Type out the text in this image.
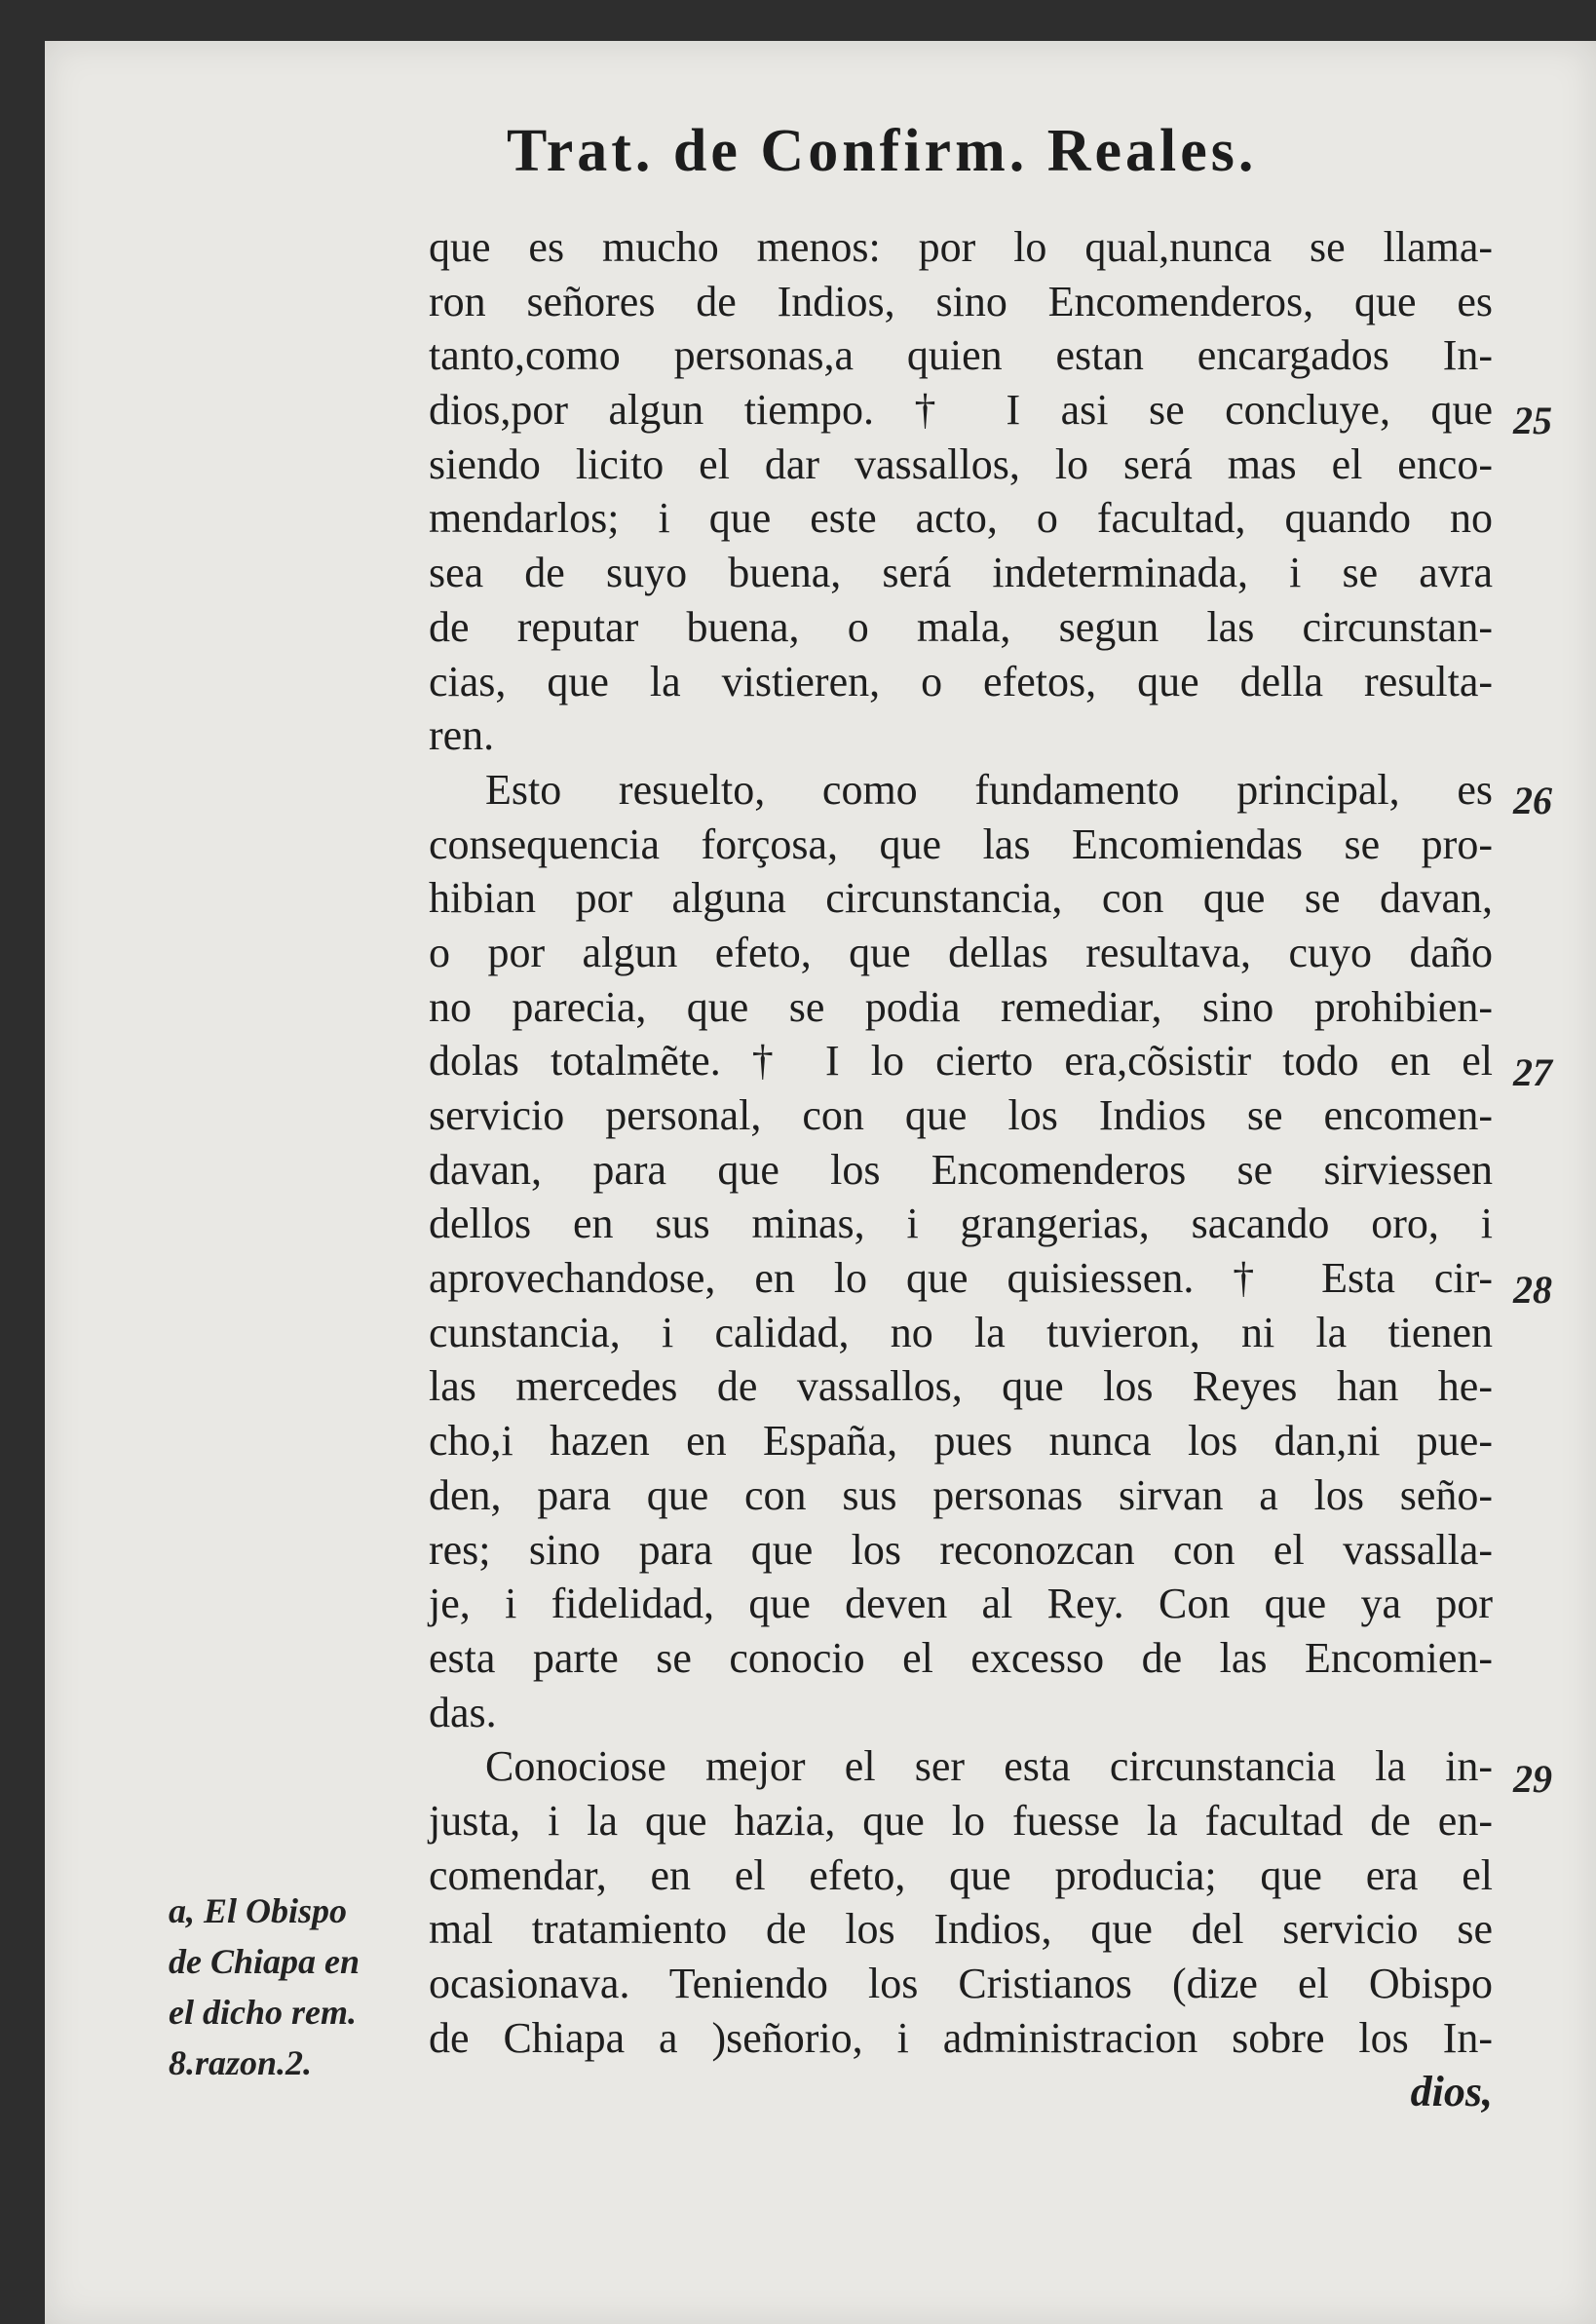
Trat. de Confirm. Reales.
que es mucho menos: por lo qual,nunca se llama-
ron señores de Indios, sino Encomenderos, que es
tanto,como personas,a quien estan encargados In-
dios,por algun tiempo. † I asi se concluye, que
siendo licito el dar vassallos, lo será mas el enco-
mendarlos; i que este acto, o facultad, quando no
sea de suyo buena, será indeterminada, i se avra
de reputar buena, o mala, segun las circunstan-
cias, que la vistieren, o efetos, que della resulta-
ren.
Esto resuelto, como fundamento principal, es
consequencia forçosa, que las Encomiendas se pro-
hibian por alguna circunstancia, con que se davan,
o por algun efeto, que dellas resultava, cuyo daño
no parecia, que se podia remediar, sino prohibien-
dolas totalmẽte. † I lo cierto era,cõsistir todo en el
servicio personal, con que los Indios se encomen-
davan, para que los Encomenderos se sirviessen
dellos en sus minas, i grangerias, sacando oro, i
aprovechandose, en lo que quisiessen. † Esta cir-
cunstancia, i calidad, no la tuvieron, ni la tienen
las mercedes de vassallos, que los Reyes han he-
cho,i hazen en España, pues nunca los dan,ni pue-
den, para que con sus personas sirvan a los seño-
res; sino para que los reconozcan con el vassalla-
je, i fidelidad, que deven al Rey. Con que ya por
esta parte se conocio el excesso de las Encomien-
das.
Conociose mejor el ser esta circunstancia la in-
justa, i la que hazia, que lo fuesse la facultad de en-
comendar, en el efeto, que producia; que era el
mal tratamiento de los Indios, que del servicio se
ocasionava. Teniendo los Cristianos (dize el Obispo
de Chiapa a )señorio, i administracion sobre los In-
dios,
25
26
27
28
29
a, El Obispo
de Chiapa en
el dicho rem.
8.razon.2.
